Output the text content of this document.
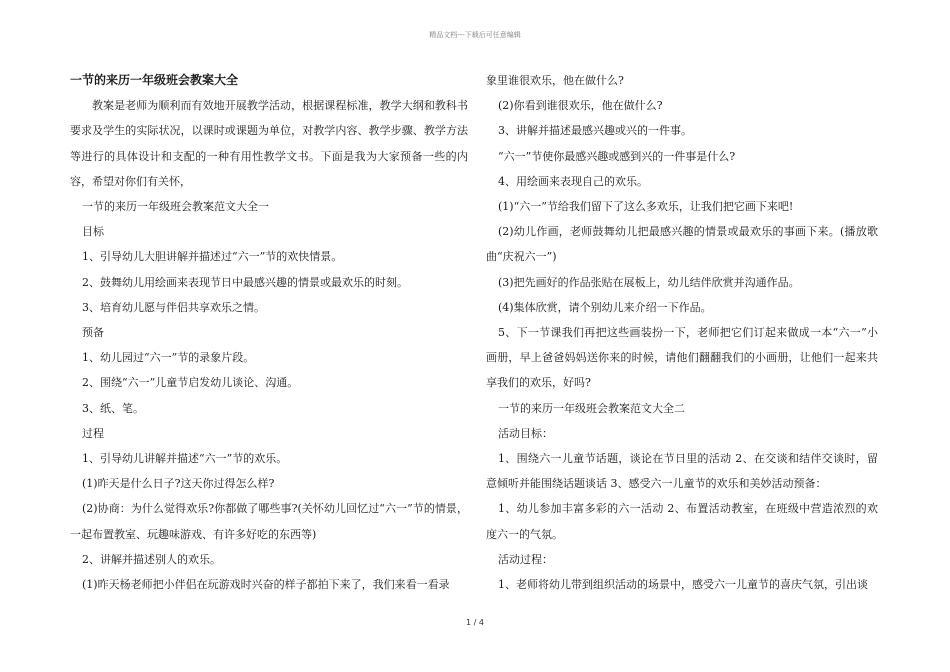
精品文档---下载后可任意编辑
一节的来历一年级班会教案大全

教案是老师为顺利而有效地开展教学活动，根据课程标准，教学大纲和教科书要求及学生的实际状况，以课时或课题为单位，对教学内容、教学步骤、教学方法等进行的具体设计和支配的一种有用性教学文书。下面是我为大家预备一些的内容，希望对你们有关怀，

一节的来历一年级班会教案范文大全一

目标

1、引导幼儿大胆讲解并描述过“六一”节的欢快情景。

2、鼓舞幼儿用绘画来表现节日中最感兴趣的情景或最欢乐的时刻。

3、培育幼儿愿与伴侣共享欢乐之情。

预备

1、幼儿园过“六一”节的录象片段。

2、围绕“六一”儿童节启发幼儿谈论、沟通。

3、纸、笔。

过程

1、引导幼儿讲解并描述“六一”节的欢乐。

(1)昨天是什么日子?这天你过得怎么样?

(2)协商：为什么觉得欢乐?你都做了哪些事?(关怀幼儿回忆过“六一”节的情景，一起布置教室、玩趣味游戏、有许多好吃的东西等)

2、讲解并描述别人的欢乐。

(1)昨天杨老师把小伴侣在玩游戏时兴奋的样子都拍下来了，我们来看一看录

象里谁很欢乐，他在做什么?

(2)你看到谁很欢乐，他在做什么?

3、讲解并描述最感兴趣或兴的一件事。

“六一”节使你最感兴趣或感到兴的一件事是什么?

4、用绘画来表现自己的欢乐。

(1)“六一”节给我们留下了这么多欢乐，让我们把它画下来吧!

(2)幼儿作画，老师鼓舞幼儿把最感兴趣的情景或最欢乐的事画下来。(播放歌曲“庆祝六一”)

(3)把先画好的作品张贴在展板上，幼儿结伴欣赏并沟通作品。

(4)集体欣赏，请个别幼儿来介绍一下作品。

5、下一节课我们再把这些画装扮一下，老师把它们订起来做成一本“六一”小画册，早上爸爸妈妈送你来的时候，请他们翻翻我们的小画册，让他们一起来共享我们的欢乐，好吗?

一节的来历一年级班会教案范文大全二

活动目标：

1、围绕六一儿童节话题，谈论在节日里的活动 2、在交谈和结伴交谈时，留意倾听并能围绕话题谈话 3、感受六一儿童节的欢乐和美妙活动预备：

1、幼儿参加丰富多彩的六一活动 2、布置活动教室，在班级中营造浓烈的欢度六一的气氛。

活动过程：

1、老师将幼儿带到组织活动的场景中，感受六一儿童节的喜庆气氛，引出谈

1 / 4
